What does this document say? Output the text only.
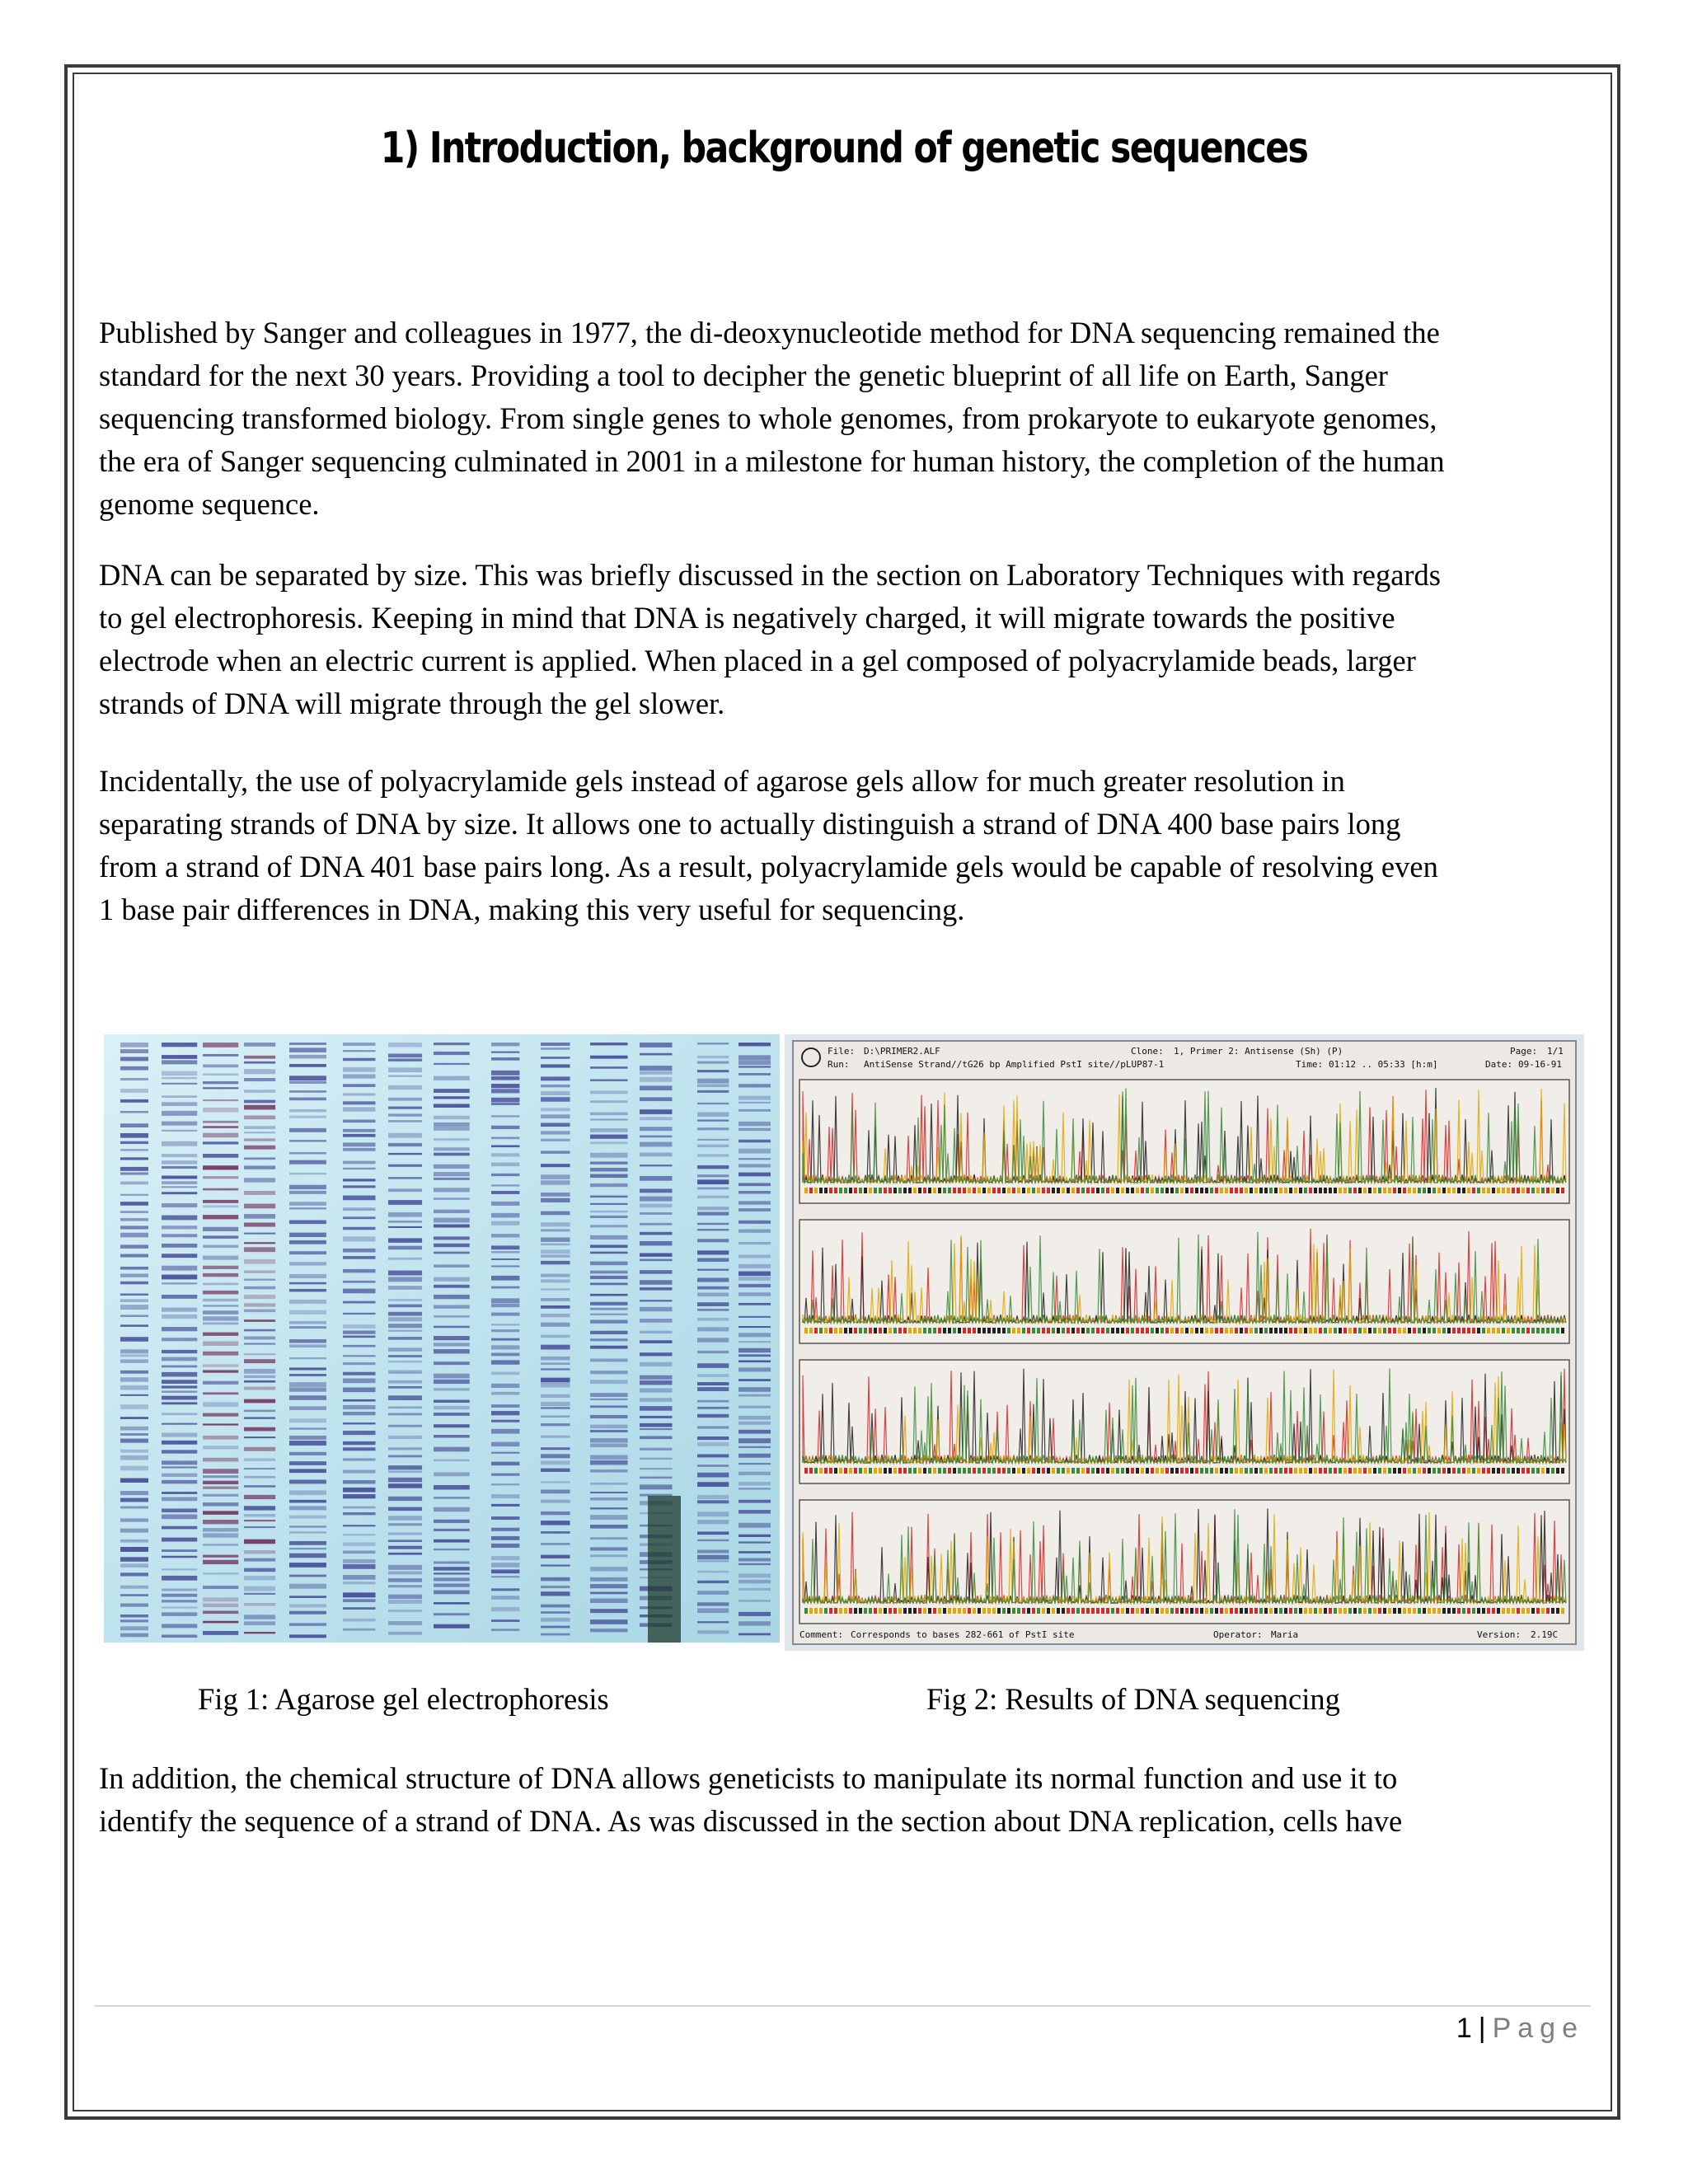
1) Introduction, background of genetic sequences

Published by Sanger and colleagues in 1977, the di-deoxynucleotide method for DNA sequencing remained the
standard for the next 30 years. Providing a tool to decipher the genetic blueprint of all life on Earth, Sanger
sequencing transformed biology. From single genes to whole genomes, from prokaryote to eukaryote genomes,
the era of Sanger sequencing culminated in 2001 in a milestone for human history, the completion of the human
genome sequence.

DNA can be separated by size. This was briefly discussed in the section on Laboratory Techniques with regards
to gel electrophoresis. Keeping in mind that DNA is negatively charged, it will migrate towards the positive
electrode when an electric current is applied. When placed in a gel composed of polyacrylamide beads, larger
strands of DNA will migrate through the gel slower.

Incidentally, the use of polyacrylamide gels instead of agarose gels allow for much greater resolution in
separating strands of DNA by size. It allows one to actually distinguish a strand of DNA 400 base pairs long
from a strand of DNA 401 base pairs long. As a result, polyacrylamide gels would be capable of resolving even
1 base pair differences in DNA, making this very useful for sequencing.

File: D:\PRIMER2.ALF	Clone: 1, Primer 2: Antisense (Sh) (P)	Page: 1/1
Run: AntiSense Strand//tG26 bp Amplified PstI site//pLUP87-1	Time: 01:12 .. 05:33 [h:m]	Date: 09-16-91
Comment: Corresponds to bases 282-661 of PstI site	Operator: Maria	Version: 2.19C

Fig 1: Agarose gel electrophoresis	Fig 2: Results of DNA sequencing

In addition, the chemical structure of DNA allows geneticists to manipulate its normal function and use it to
identify the sequence of a strand of DNA. As was discussed in the section about DNA replication, cells have

1 | Page
